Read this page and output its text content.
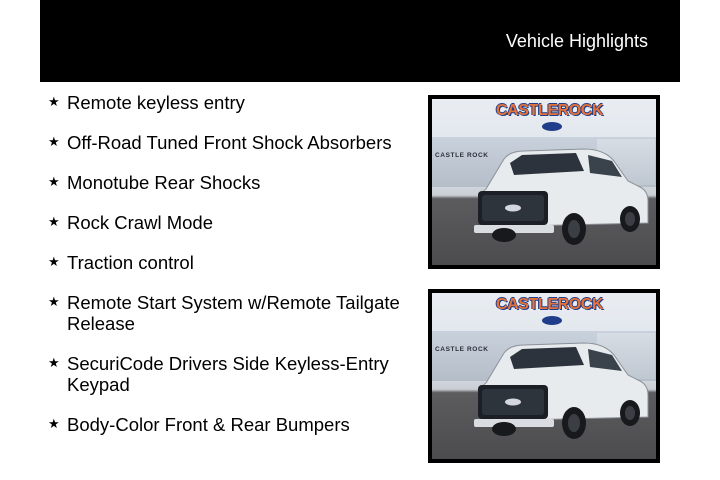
Vehicle Highlights
★ Remote keyless entry
★ Off-Road Tuned Front Shock Absorbers
★ Monotube Rear Shocks
★ Rock Crawl Mode
★ Traction control
★ Remote Start System w/Remote Tailgate Release
★ SecuriCode Drivers Side Keyless-Entry Keypad
★ Body-Color Front & Rear Bumpers
CASTLE ROCK
CASTLEROCK
CASTLE ROCK
CASTLEROCK
